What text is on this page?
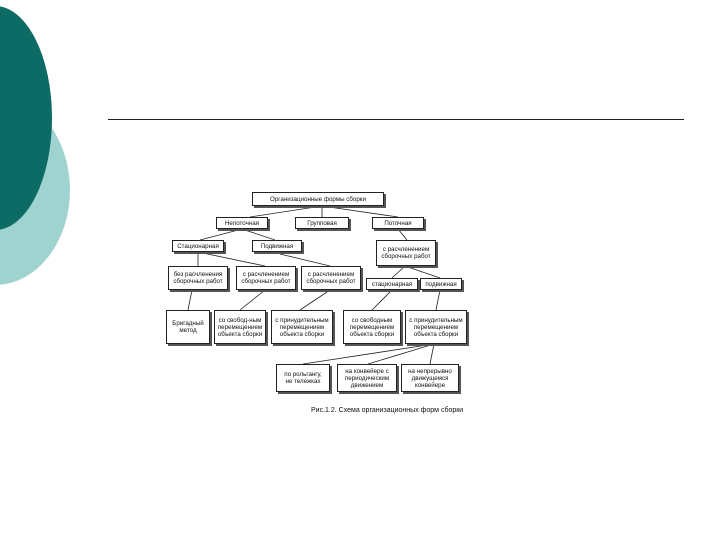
Организационные формы сборки
Непоточная	Групповая	Поточная
Стационарная	Подвижная	с расчленением
сборочных работ
без расчленения
сборочных работ
с расчленением
сборочных работ
с расчленением
сборочных работ	стационарная	подвижная
Бригадный
метод
со свобод-ным
перемещением
объекта сборки
с принудительным
перемещением
объекта сборки
со свободным
перемещением
объекта сборки
с принудительным
перемещением
объекта сборки
по рольгангу,
не тележках
на конвейере с
периодическим
движением
на непрерывно
движущемся
конвейере
Рис.1.2. Схема организационных форм сборки
